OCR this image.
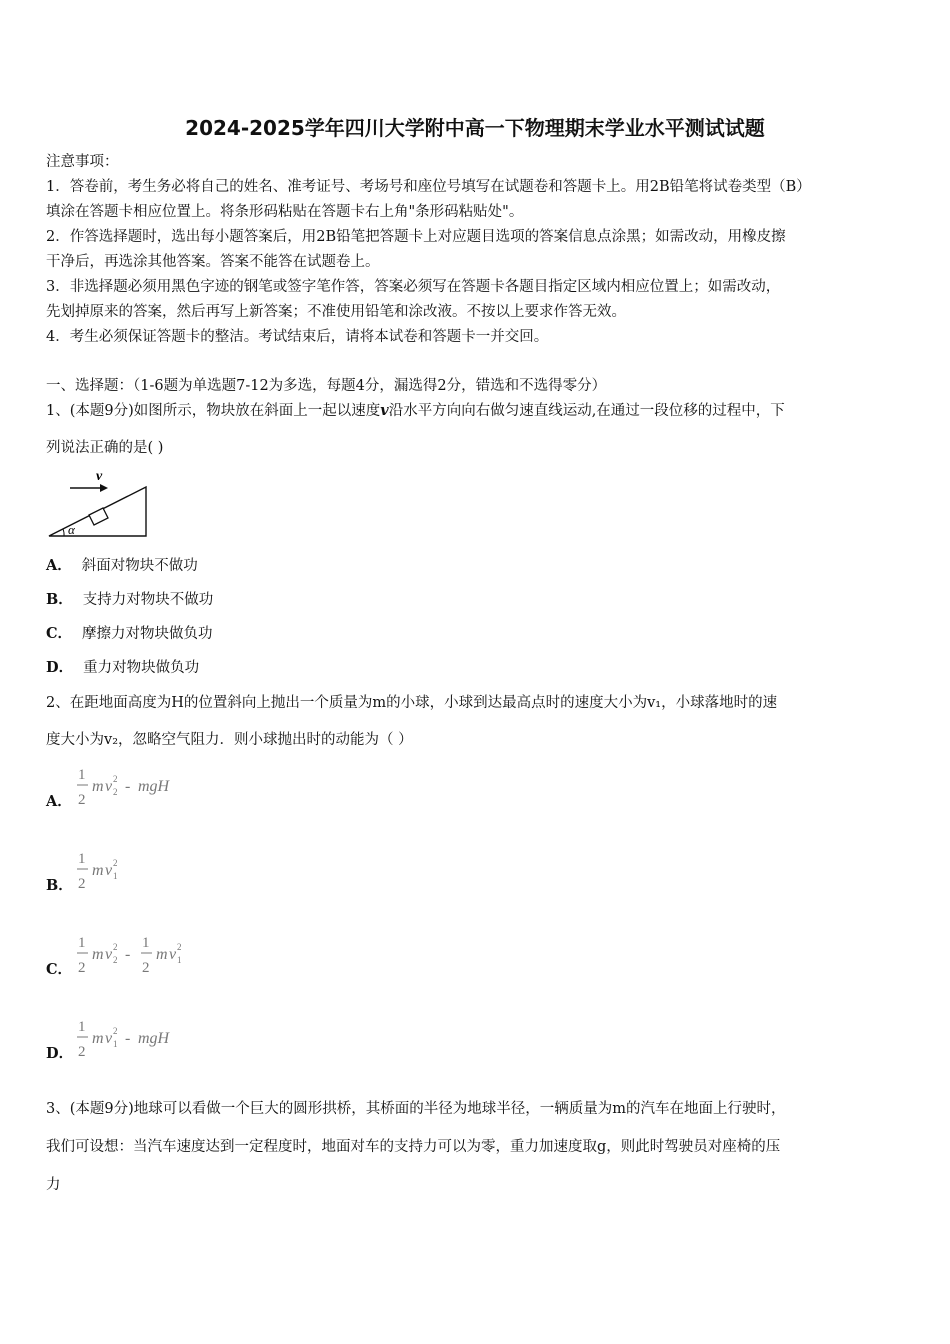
2024-2025学年四川大学附中高一下物理期末学业水平测试试题
注意事项：
1．答卷前，考生务必将自己的姓名、准考证号、考场号和座位号填写在试题卷和答题卡上。用2B铅笔将试卷类型（B）
填涂在答题卡相应位置上。将条形码粘贴在答题卡右上角"条形码粘贴处"。
2．作答选择题时，选出每小题答案后，用2B铅笔把答题卡上对应题目选项的答案信息点涂黑；如需改动，用橡皮擦
干净后，再选涂其他答案。答案不能答在试题卷上。
3．非选择题必须用黑色字迹的钢笔或签字笔作答，答案必须写在答题卡各题目指定区域内相应位置上；如需改动，
先划掉原来的答案，然后再写上新答案；不准使用铅笔和涂改液。不按以上要求作答无效。
4．考生必须保证答题卡的整洁。考试结束后，请将本试卷和答题卡一并交回。
一、选择题：（1-6题为单选题7-12为多选，每题4分，漏选得2分，错选和不选得零分）
1、(本题9分)如图所示，物块放在斜面上一起以速度v沿水平方向向右做匀速直线运动,在通过一段位移的过程中，下
列说法正确的是( )
v
α
A． 斜面对物块不做功
B． 支持力对物块不做功
C． 摩擦力对物块做负功
D． 重力对物块做负功
2、在距地面高度为H的位置斜向上抛出一个质量为m的小球，小球到达最高点时的速度大小为v₁，小球落地时的速
度大小为v₂，忽略空气阻力．则小球抛出时的动能为（ ）
A．
1
2
m v 2
2 - mgH
B．
1
2
m v 2
1
C．
1
2
m v 2
2 -
1
2
m v 2
1
D．
1
2
m v 2
1 - mgH
3、(本题9分)地球可以看做一个巨大的圆形拱桥，其桥面的半径为地球半径，一辆质量为m的汽车在地面上行驶时，
我们可设想：当汽车速度达到一定程度时，地面对车的支持力可以为零，重力加速度取g，则此时驾驶员对座椅的压
力
